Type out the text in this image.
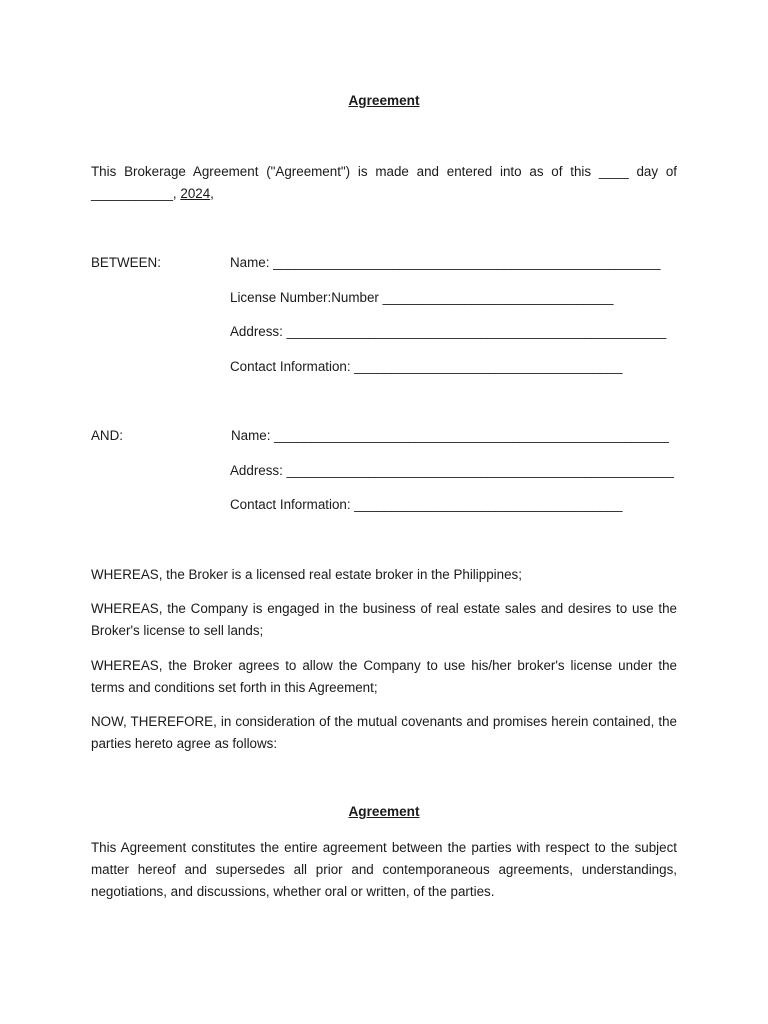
Agreement

This Brokerage Agreement ("Agreement") is made and entered into as of this ____ day of ___________, 2024,

BETWEEN:	Name: ____________________________________________________
License Number:Number _______________________________
Address: ___________________________________________________
Contact Information: ____________________________________
AND:	Name: _____________________________________________________
Address: ____________________________________________________
Contact Information: ____________________________________

WHEREAS, the Broker is a licensed real estate broker in the Philippines;

WHEREAS, the Company is engaged in the business of real estate sales and desires to use the Broker's license to sell lands;

WHEREAS, the Broker agrees to allow the Company to use his/her broker's license under the terms and conditions set forth in this Agreement;

NOW, THEREFORE, in consideration of the mutual covenants and promises herein contained, the parties hereto agree as follows:

Agreement

This Agreement constitutes the entire agreement between the parties with respect to the subject matter hereof and supersedes all prior and contemporaneous agreements, understandings, negotiations, and discussions, whether oral or written, of the parties.
